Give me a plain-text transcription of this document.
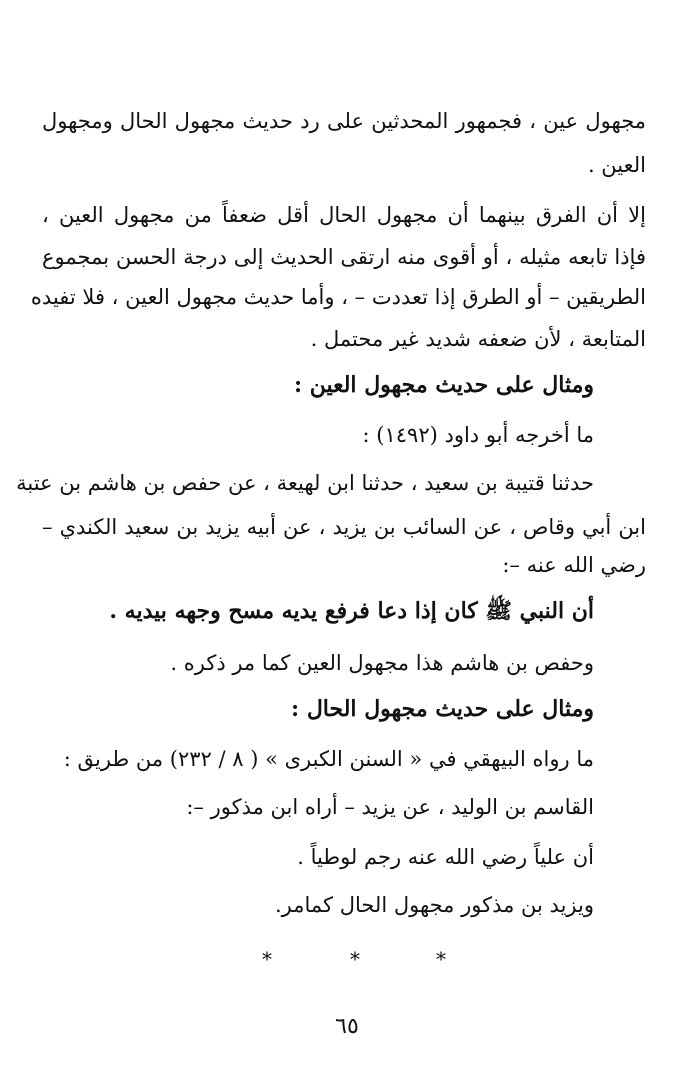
مجهول عين ، فجمهور المحدثين على رد حديث مجهول الحال ومجهول
العين .
إلا أن الفرق بينهما أن مجهول الحال أقل ضعفاً من مجهول العين ،
فإذا تابعه مثيله ، أو أقوى منه ارتقى الحديث إلى درجة الحسن بمجموع
الطريقين – أو الطرق إذا تعددت – ، وأما حديث مجهول العين ، فلا تفيده
المتابعة ، لأن ضعفه شديد غير محتمل .
ومثال على حديث مجهول العين :
ما أخرجه أبو داود (١٤٩٢) :
حدثنا قتيبة بن سعيد ، حدثنا ابن لهيعة ، عن حفص بن هاشم بن عتبة
ابن أبي وقاص ، عن السائب بن يزيد ، عن أبيه يزيد بن سعيد الكندي –
رضي الله عنه –:
أن النبي ﷺ كان إذا دعا فرفع يديه مسح وجهه بيديه .
وحفص بن هاشم هذا مجهول العين كما مر ذكره .
ومثال على حديث مجهول الحال :
ما رواه البيهقي في « السنن الكبرى » ( ٨ / ٢٣٢) من طريق :
القاسم بن الوليد ، عن يزيد – أراه ابن مذكور –:
أن علياً رضي الله عنه رجم لوطياً .
ويزيد بن مذكور مجهول الحال كمامر.
*	*	*
٦٥
